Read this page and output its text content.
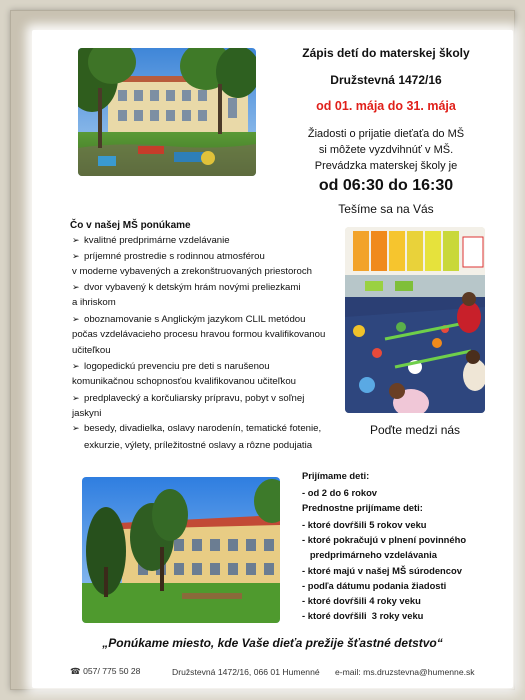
Zápis detí do materskej školy
Družstevná 1472/16
od 01. mája do 31. mája
Žiadosti o prijatie dieťaťa do MŠ
si môžete vyzdvihnúť v MŠ.
Prevádzka materskej školy je
od 06:30 do 16:30
Tešíme sa na Vás
Čo v našej MŠ ponúkame
➢ kvalitné predprimárne vzdelávanie
➢ príjemné prostredie s rodinnou atmosférou
v moderne vybavených a zrekonštruovaných priestoroch
➢ dvor vybavený k detským hrám novými preliezkami
a ihriskom
➢ oboznamovanie s Anglickým jazykom CLIL metódou
počas vzdelávacieho procesu hravou formou kvalifikovanou
učiteľkou
➢ logopedickú prevenciu pre deti s narušenou
komunikačnou schopnosťou kvalifikovanou učiteľkou
➢ predplavecký a korčuliarsky prípravu, pobyt v soľnej
jaskyni
➢ besedy, divadielka, oslavy narodenín, tematické fotenie,
exkurzie, výlety, príležitostné oslavy a rôzne podujatia
Poďte medzi nás
Prijímame deti:
- od 2 do 6 rokov
Prednostne prijímame deti:
- ktoré dovŕšili 5 rokov veku
- ktoré pokračujú v plnení povinného
predprimárneho vzdelávania
- ktoré majú v našej MŠ súrodencov
- podľa dátumu podania žiadosti
- ktoré dovŕšili 4 roky veku
- ktoré dovŕšili  3 roky veku
„Ponúkame miesto, kde Vaše dieťa prežije šťastné detstvo“
☎ 057/ 775 50 28	Družstevná 1472/16, 066 01 Humenné e-mail: ms.druzstevna@humenne.sk
